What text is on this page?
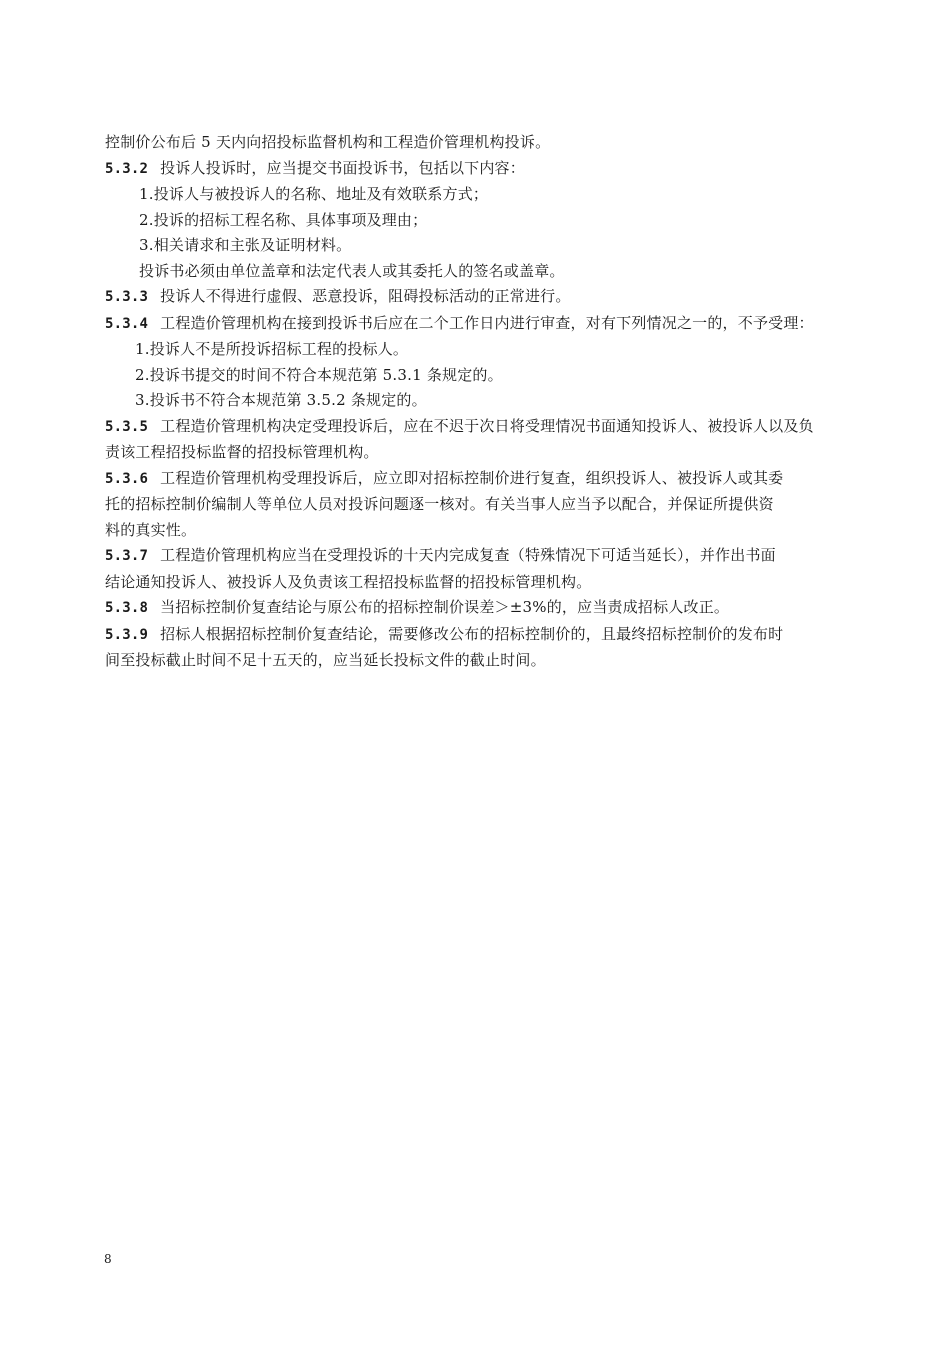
控制价公布后 5 天内向招投标监督机构和工程造价管理机构投诉。
5.3.2 投诉人投诉时，应当提交书面投诉书，包括以下内容：
1.投诉人与被投诉人的名称、地址及有效联系方式；
2.投诉的招标工程名称、具体事项及理由；
3.相关请求和主张及证明材料。
投诉书必须由单位盖章和法定代表人或其委托人的签名或盖章。
5.3.3 投诉人不得进行虚假、恶意投诉，阻碍投标活动的正常进行。
5.3.4 工程造价管理机构在接到投诉书后应在二个工作日内进行审查，对有下列情况之一的，不予受理：
1.投诉人不是所投诉招标工程的投标人。
2.投诉书提交的时间不符合本规范第 5.3.1 条规定的。
3.投诉书不符合本规范第 3.5.2 条规定的。
5.3.5 工程造价管理机构决定受理投诉后，应在不迟于次日将受理情况书面通知投诉人、被投诉人以及负
责该工程招投标监督的招投标管理机构。
5.3.6 工程造价管理机构受理投诉后，应立即对招标控制价进行复查，组织投诉人、被投诉人或其委
托的招标控制价编制人等单位人员对投诉问题逐一核对。有关当事人应当予以配合，并保证所提供资
料的真实性。
5.3.7 工程造价管理机构应当在受理投诉的十天内完成复查（特殊情况下可适当延长），并作出书面
结论通知投诉人、被投诉人及负责该工程招投标监督的招投标管理机构。
5.3.8 当招标控制价复查结论与原公布的招标控制价误差＞±3%的，应当责成招标人改正。
5.3.9 招标人根据招标控制价复查结论，需要修改公布的招标控制价的，且最终招标控制价的发布时
间至投标截止时间不足十五天的，应当延长投标文件的截止时间。
8
